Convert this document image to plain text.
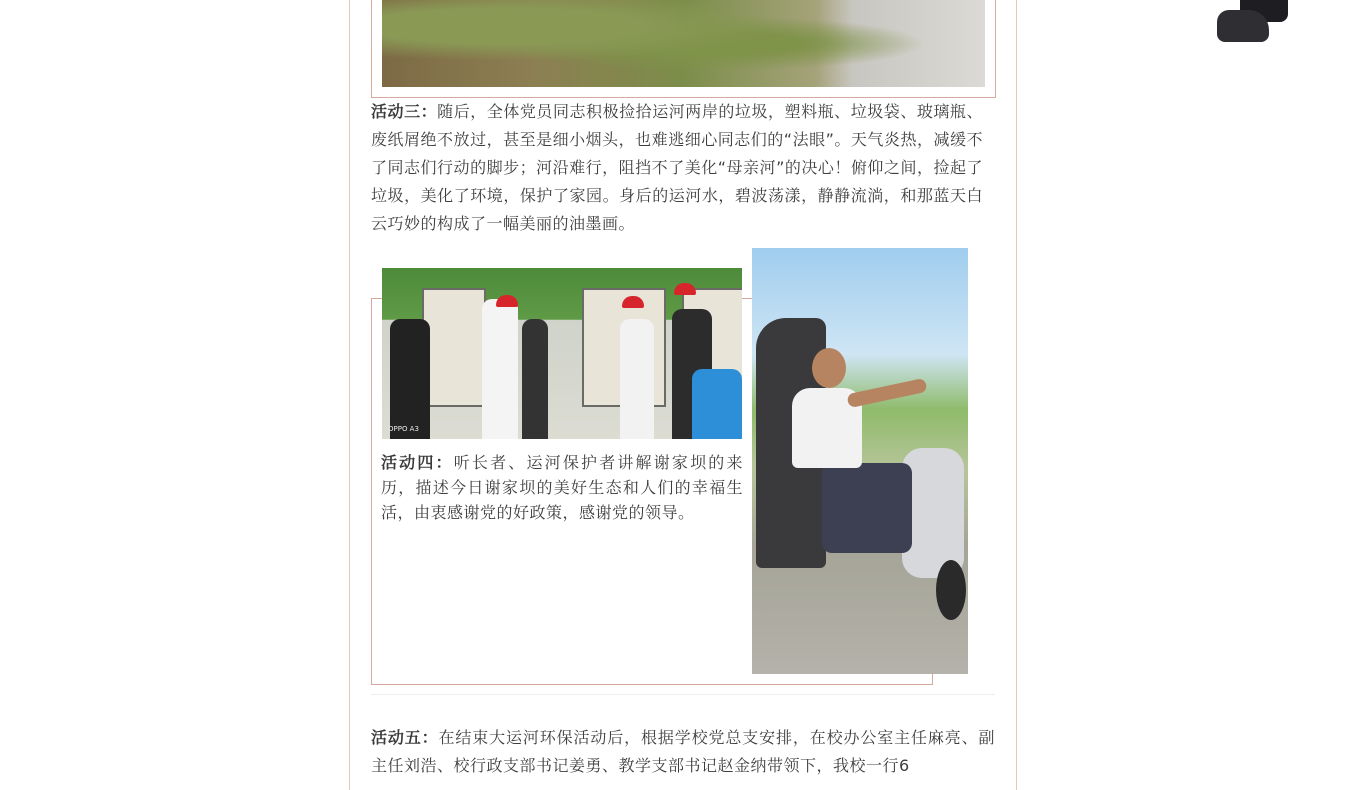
活动三：随后，全体党员同志积极捡拾运河两岸的垃圾，塑料瓶、垃圾袋、玻璃瓶、废纸屑绝不放过，甚至是细小烟头，也难逃细心同志们的“法眼”。天气炎热，减缓不了同志们行动的脚步；河沿难行，阻挡不了美化“母亲河”的决心！俯仰之间，捡起了垃圾，美化了环境，保护了家园。身后的运河水，碧波荡漾，静静流淌，和那蓝天白云巧妙的构成了一幅美丽的油墨画。

OPPO A3

活动四：听长者、运河保护者讲解谢家坝的来历，描述今日谢家坝的美好生态和人们的幸福生活，由衷感谢党的好政策，感谢党的领导。

活动五：在结束大运河环保活动后，根据学校党总支安排，在校办公室主任麻亮、副主任刘浩、校行政支部书记姜勇、教学支部书记赵金纳带领下，我校一行6
